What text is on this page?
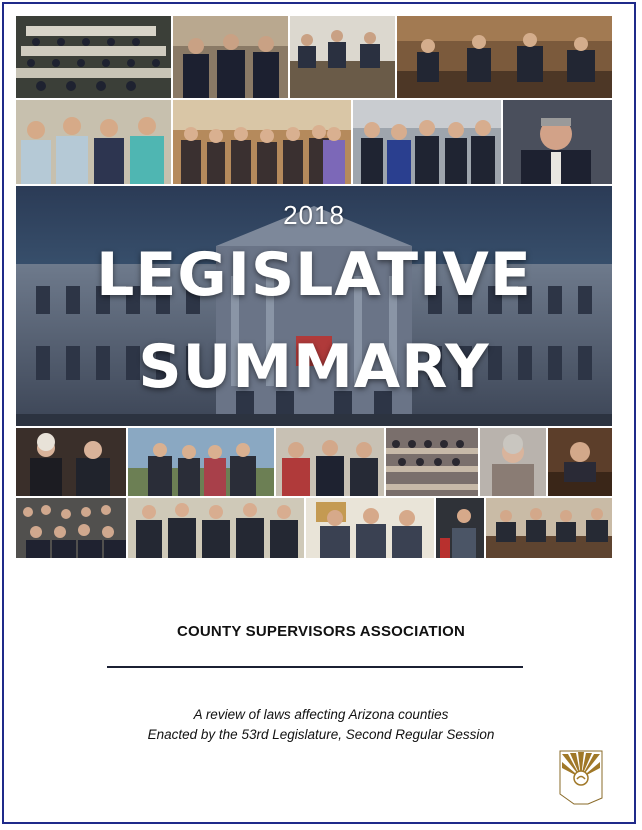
2018
LEGISLATIVE
SUMMARY
COUNTY SUPERVISORS ASSOCIATION
A review of laws affecting Arizona counties
Enacted by the 53rd Legislature, Second Regular Session
